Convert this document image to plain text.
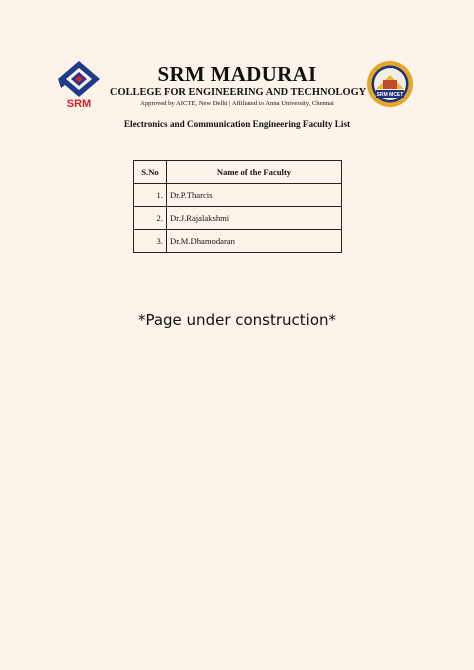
SRM
SRM MADURAI
COLLEGE FOR ENGINEERING AND TECHNOLOGY
Approved by AICTE, New Delhi | Affiliated to Anna University, Chennai
SRM MCET
Electronics and Communication Engineering Faculty List
S.No	Name of the Faculty
1.	Dr.P.Tharcis
2.	Dr.J.Rajalakshmi
3.	Dr.M.Dhamodaran
*Page under construction*
